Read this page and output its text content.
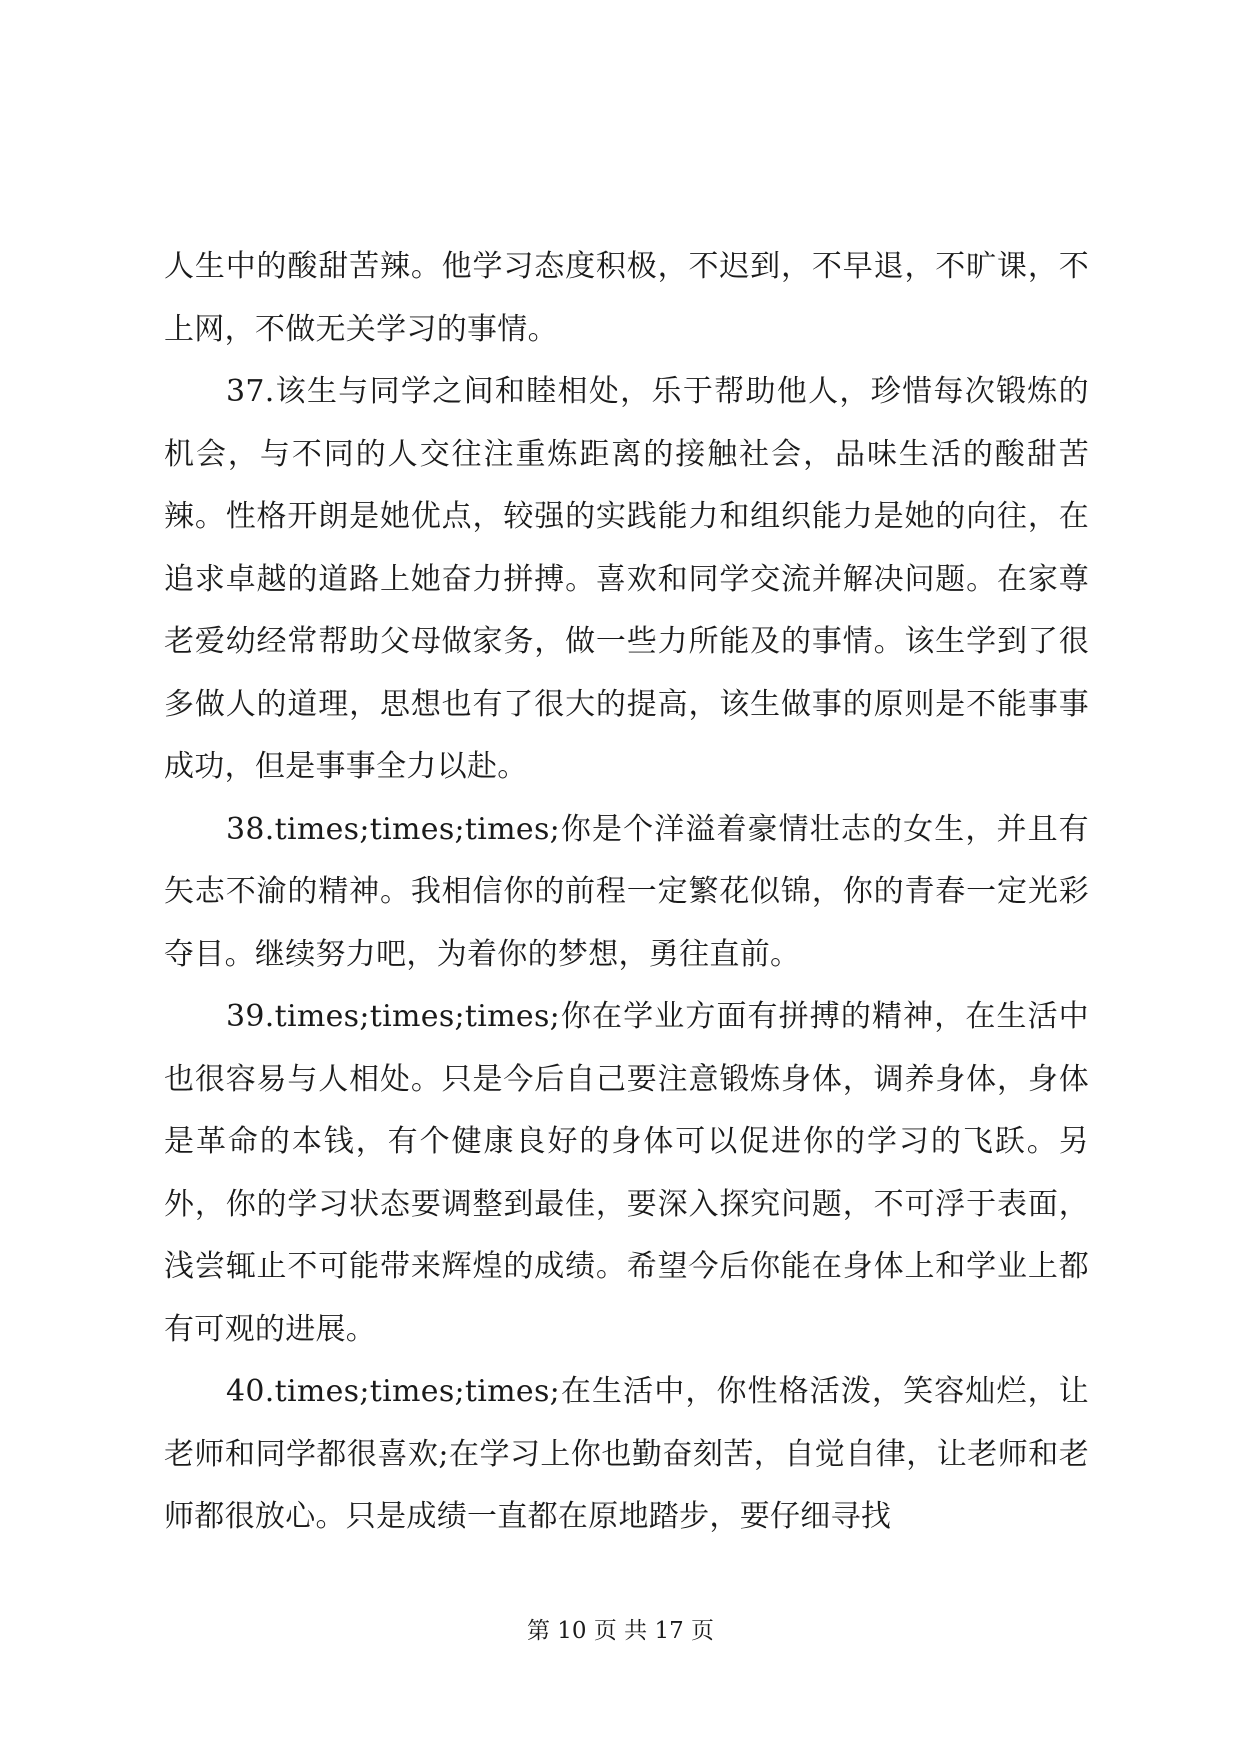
人生中的酸甜苦辣。他学习态度积极，不迟到，不早退，不旷课，不上网，不做无关学习的事情。

37.该生与同学之间和睦相处，乐于帮助他人，珍惜每次锻炼的机会，与不同的人交往注重炼距离的接触社会，品味生活的酸甜苦辣。性格开朗是她优点，较强的实践能力和组织能力是她的向往，在追求卓越的道路上她奋力拼搏。喜欢和同学交流并解决问题。在家尊老爱幼经常帮助父母做家务，做一些力所能及的事情。该生学到了很多做人的道理，思想也有了很大的提高，该生做事的原则是不能事事成功，但是事事全力以赴。

38.times;times;times;你是个洋溢着豪情壮志的女生，并且有矢志不渝的精神。我相信你的前程一定繁花似锦，你的青春一定光彩夺目。继续努力吧，为着你的梦想，勇往直前。

39.times;times;times;你在学业方面有拼搏的精神，在生活中也很容易与人相处。只是今后自己要注意锻炼身体，调养身体，身体是革命的本钱，有个健康良好的身体可以促进你的学习的飞跃。另外，你的学习状态要调整到最佳，要深入探究问题，不可浮于表面，浅尝辄止不可能带来辉煌的成绩。希望今后你能在身体上和学业上都有可观的进展。

40.times;times;times;在生活中，你性格活泼，笑容灿烂，让老师和同学都很喜欢;在学习上你也勤奋刻苦，自觉自律，让老师和老师都很放心。只是成绩一直都在原地踏步，要仔细寻找

第 10 页 共 17 页
